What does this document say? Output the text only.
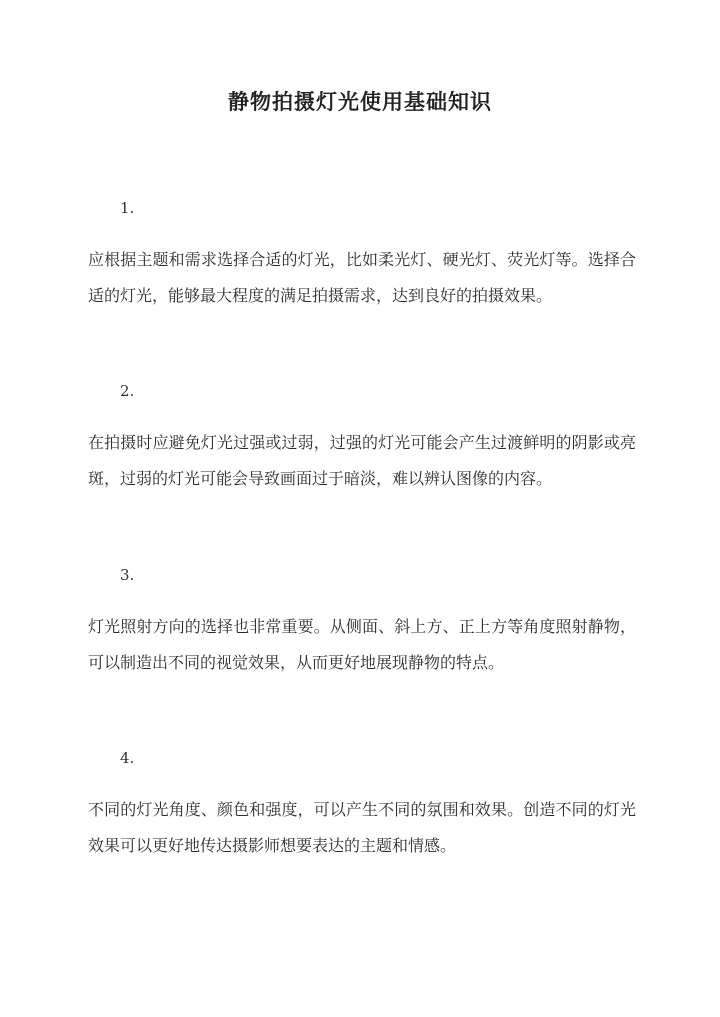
静物拍摄灯光使用基础知识
1.
应根据主题和需求选择合适的灯光，比如柔光灯、硬光灯、荧光灯等。选择合适的灯光，能够最大程度的满足拍摄需求，达到良好的拍摄效果。
2.
在拍摄时应避免灯光过强或过弱，过强的灯光可能会产生过渡鲜明的阴影或亮斑，过弱的灯光可能会导致画面过于暗淡，难以辨认图像的内容。
3.
灯光照射方向的选择也非常重要。从侧面、斜上方、正上方等角度照射静物，可以制造出不同的视觉效果，从而更好地展现静物的特点。
4.
不同的灯光角度、颜色和强度，可以产生不同的氛围和效果。创造不同的灯光效果可以更好地传达摄影师想要表达的主题和情感。
